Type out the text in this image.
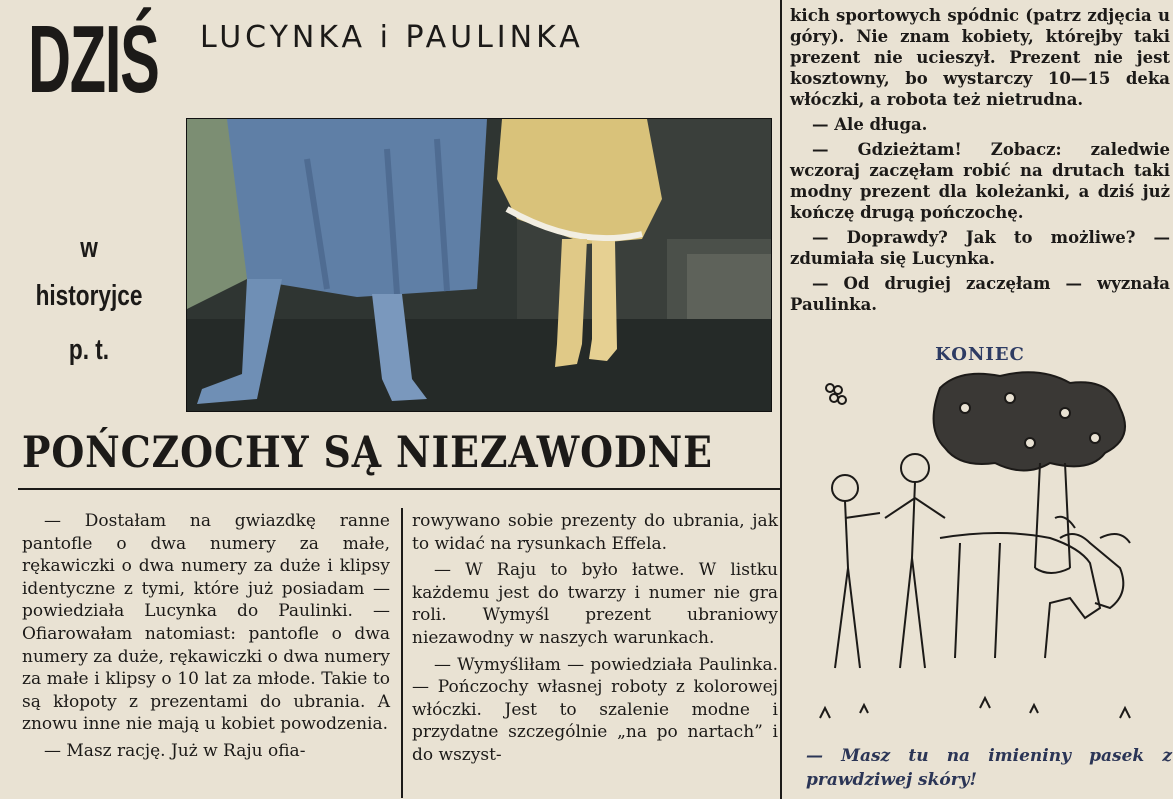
DZIŚ
w
historyjce
p. t.
LUCYNKA i PAULINKA
POŃCZOCHY SĄ NIEZAWODNE

— Dostałam na gwiazdkę ranne pantofle o dwa numery za małe, rękawiczki o dwa numery za duże i klipsy identyczne z tymi, które już posiadam — powiedziała Lucynka do Paulinki. — Ofiarowałam natomiast: pantofle o dwa numery za duże, rękawiczki o dwa numery za małe i klipsy o 10 lat za młode. Takie to są kłopoty z prezentami do ubrania. A znowu inne nie mają u kobiet powodzenia.

— Masz rację. Już w Raju ofia-

rowywano sobie prezenty do ubrania, jak to widać na rysunkach Effela.

— W Raju to było łatwe. W listku każdemu jest do twarzy i numer nie gra roli. Wymyśl prezent ubraniowy niezawodny w naszych warunkach.

— Wymyśliłam — powiedziała Paulinka. — Pończochy własnej roboty z kolorowej włóczki. Jest to szalenie modne i przydatne szczególnie „na po nartach” i do wszyst-

kich sportowych spódnic (patrz zdjęcia u góry). Nie znam kobiety, którejby taki prezent nie ucieszył. Prezent nie jest kosztowny, bo wystarczy 10—15 deka włóczki, a robota też nietrudna.

— Ale długa.

— Gdzieżtam! Zobacz: zaledwie wczoraj zaczęłam robić na drutach taki modny prezent dla koleżanki, a dziś już kończę drugą pończochę.

— Doprawdy? Jak to możliwe? — zdumiała się Lucynka.

— Od drugiej zaczęłam — wyznała Paulinka.

KONIEC
— Masz tu na imieniny pasek z prawdziwej skóry!
